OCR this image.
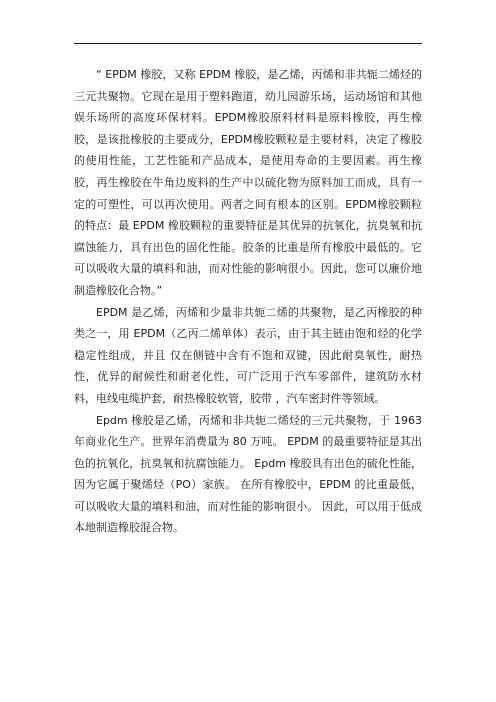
“ EPDM 橡胶，又称 EPDM 橡胶，是乙烯，丙烯和非共轭二烯烃的三元共聚物。它现在是用于塑料跑道，幼儿园游乐场，运动场馆和其他娱乐场所的高度环保材料。EPDM橡胶原料材料是原料橡胶，再生橡胶，是该批橡胶的主要成分，EPDM橡胶颗粒是主要材料，决定了橡胶的使用性能，工艺性能和产品成本，是使用寿命的主要因素。再生橡胶，再生橡胶在牛角边废料的生产中以硫化物为原料加工而成，具有一定的可塑性，可以再次使用。两者之间有根本的区别。EPDM橡胶颗粒的特点：最 EPDM 橡胶颗粒的重要特征是其优异的抗氧化，抗臭氧和抗腐蚀能力，具有出色的固化性能。胶条的比重是所有橡胶中最低的。它可以吸收大量的填料和油，而对性能的影响很小。因此，您可以廉价地制造橡胶化合物。”

EPDM 是乙烯，丙烯和少量非共轭二烯的共聚物，是乙丙橡胶的种类之一，用 EPDM（乙丙二烯单体）表示，由于其主链由饱和烃的化学稳定性组成，并且 仅在侧链中含有不饱和双键，因此耐臭氧性，耐热性，优异的耐候性和耐老化性，可广泛用于汽车零部件，建筑防水材料，电线电缆护套，耐热橡胶软管，胶带 ，汽车密封件等领域。

Epdm 橡胶是乙烯，丙烯和非共轭二烯烃的三元共聚物，于 1963 年商业化生产。世界年消费量为 80 万吨。 EPDM 的最重要特征是其出色的抗氧化，抗臭氧和抗腐蚀能力。 Epdm 橡胶具有出色的硫化性能，因为它属于聚烯烃（PO）家族。 在所有橡胶中，EPDM 的比重最低，可以吸收大量的填料和油，而对性能的影响很小。 因此，可以用于低成本地制造橡胶混合物。
